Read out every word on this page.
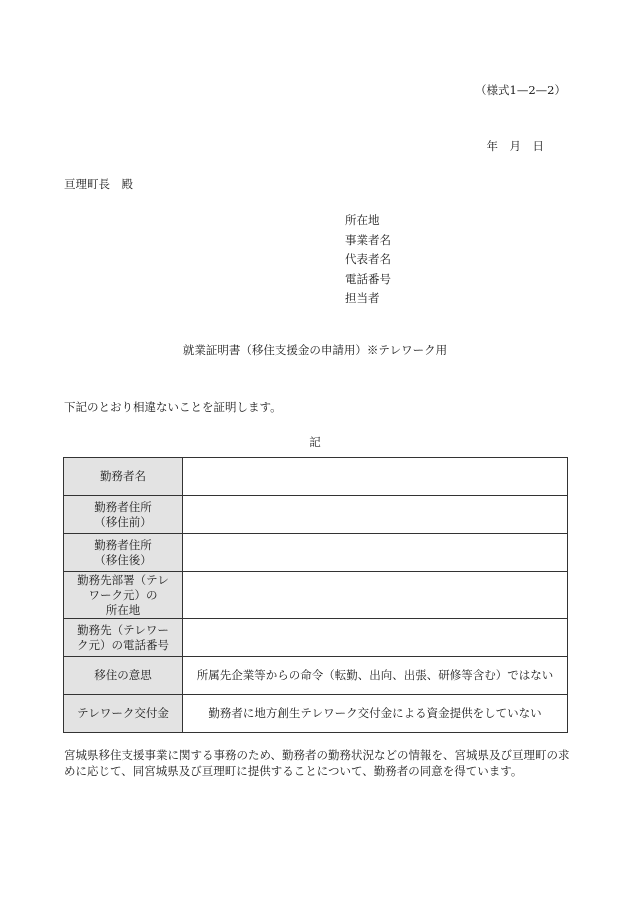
（様式1—2—2）
年　月　日
亘理町長　殿
所在地
事業者名
代表者名
電話番号
担当者
就業証明書（移住支援金の申請用）※テレワーク用
下記のとおり相違ないことを証明します。
記
勤務者名	

勤務者住所
（移住前）	

勤務者住所
（移住後）	

勤務先部署（テレ
ワーク元）の
所在地	

勤務先（テレワー
ク元）の電話番号	

移住の意思	所属先企業等からの命令（転勤、出向、出張、研修等含む）ではない

テレワーク交付金	勤務者に地方創生テレワーク交付金による資金提供をしていない
宮城県移住支援事業に関する事務のため、勤務者の勤務状況などの情報を、宮城県及び亘理町の求めに応じて、同宮城県及び亘理町に提供することについて、勤務者の同意を得ています。
